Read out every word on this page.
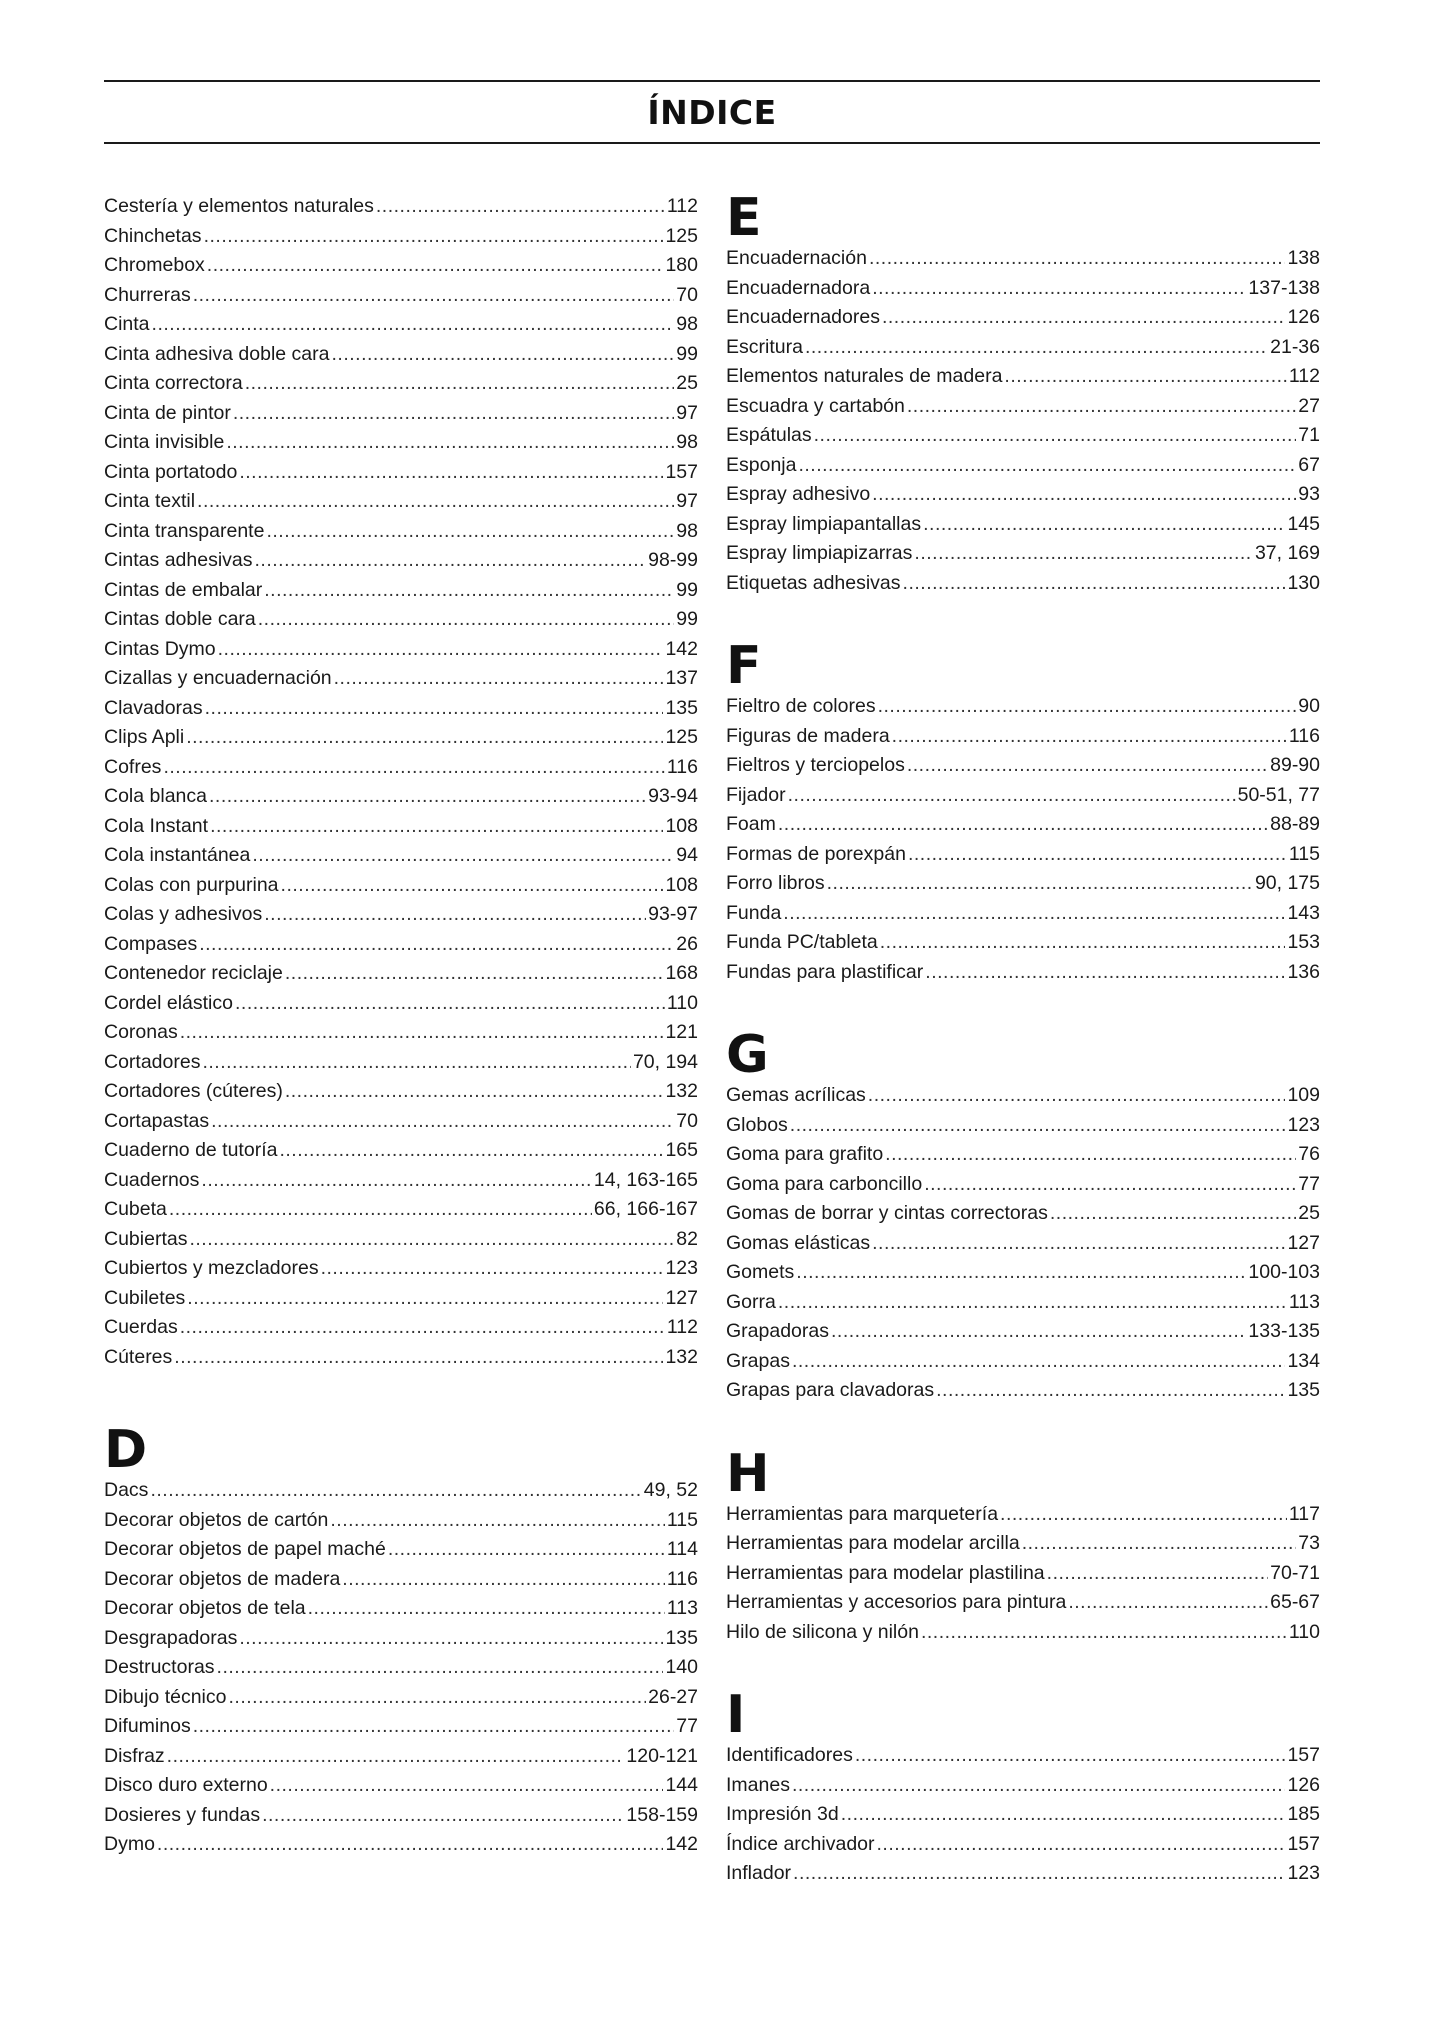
ÍNDICE
Cestería y elementos naturales .....	112
Chinchetas .....	125
Chromebox .....	180
Churreras .....	70
Cinta .....	98
Cinta adhesiva doble cara .....	99
Cinta correctora .....	25
Cinta de pintor .....	97
Cinta invisible .....	98
Cinta portatodo .....	157
Cinta textil .....	97
Cinta transparente .....	98
Cintas adhesivas .....	98-99
Cintas de embalar .....	99
Cintas doble cara .....	99
Cintas Dymo .....	142
Cizallas y encuadernación .....	137
Clavadoras .....	135
Clips Apli .....	125
Cofres .....	116
Cola blanca .....	93-94
Cola Instant .....	108
Cola instantánea .....	94
Colas con purpurina .....	108
Colas y adhesivos .....	93-97
Compases .....	26
Contenedor reciclaje .....	168
Cordel elástico .....	110
Coronas .....	121
Cortadores .....	70, 194
Cortadores (cúteres) .....	132
Cortapastas .....	70
Cuaderno de tutoría .....	165
Cuadernos .....	14, 163-165
Cubeta .....	66, 166-167
Cubiertas .....	82
Cubiertos y mezcladores .....	123
Cubiletes .....	127
Cuerdas .....	112
Cúteres .....	132
D
Dacs .....	49, 52
Decorar objetos de cartón .....	115
Decorar objetos de papel maché .....	114
Decorar objetos de madera .....	116
Decorar objetos de tela .....	113
Desgrapadoras .....	135
Destructoras .....	140
Dibujo técnico .....	26-27
Difuminos .....	77
Disfraz .....	120-121
Disco duro externo .....	144
Dosieres y fundas .....	158-159
Dymo .....	142
E
Encuadernación .....	138
Encuadernadora .....	137-138
Encuadernadores .....	126
Escritura .....	21-36
Elementos naturales de madera .....	112
Escuadra y cartabón .....	27
Espátulas .....	71
Esponja .....	67
Espray adhesivo .....	93
Espray limpiapantallas .....	145
Espray limpiapizarras .....	37, 169
Etiquetas adhesivas .....	130
F
Fieltro de colores .....	90
Figuras de madera .....	116
Fieltros y terciopelos .....	89-90
Fijador .....	50-51, 77
Foam .....	88-89
Formas de porexpán .....	115
Forro libros .....	90, 175
Funda .....	143
Funda PC/tableta .....	153
Fundas para plastificar .....	136
G
Gemas acrílicas .....	109
Globos .....	123
Goma para grafito .....	76
Goma para carboncillo .....	77
Gomas de borrar y cintas correctoras .....	25
Gomas elásticas .....	127
Gomets .....	100-103
Gorra .....	113
Grapadoras .....	133-135
Grapas .....	134
Grapas para clavadoras .....	135
H
Herramientas para marquetería .....	117
Herramientas para modelar arcilla .....	73
Herramientas para modelar plastilina .....	70-71
Herramientas y accesorios para pintura .....	65-67
Hilo de silicona y nilón .....	110
I
Identificadores .....	157
Imanes .....	126
Impresión 3d .....	185
Índice archivador .....	157
Inflador .....	123
